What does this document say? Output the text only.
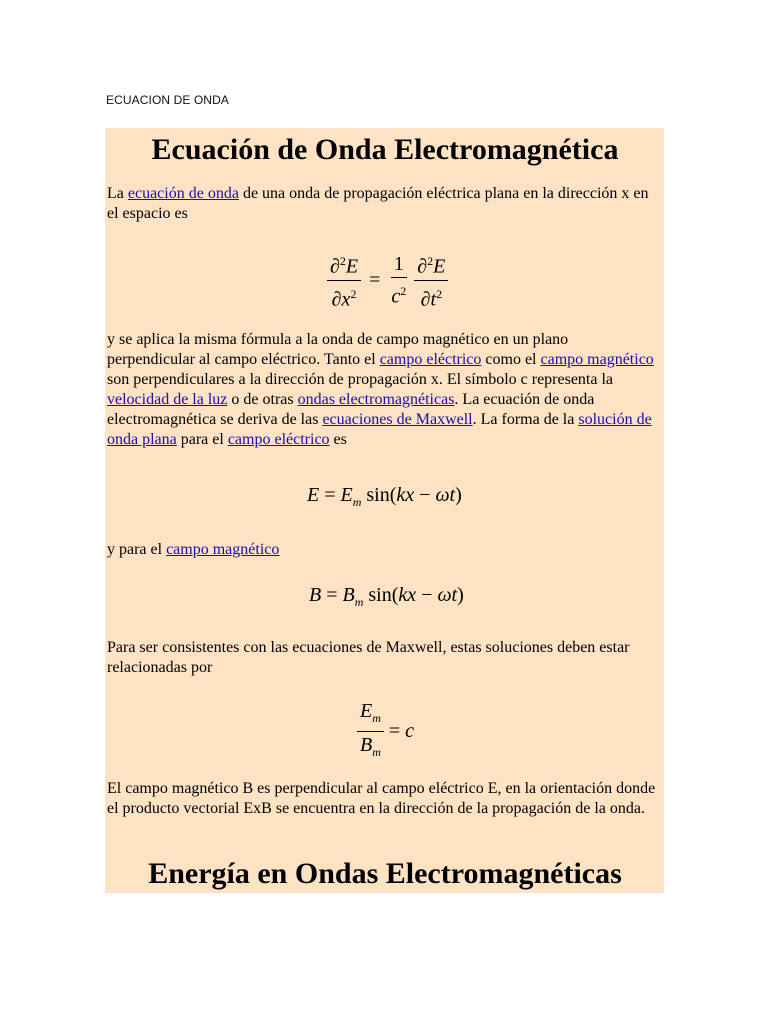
ECUACION DE ONDA
Ecuación de Onda Electromagnética
La ecuación de onda de una onda de propagación eléctrica plana en la dirección x en el espacio es
$\frac{\partial^2E}{\partial x^2} = \frac{1}{c^2}$
$\frac{\partial^2E}{\partial t^2}$
y se aplica la misma fórmula a la onda de campo magnético en un plano perpendicular al campo eléctrico. Tanto el campo eléctrico como el campo magnético son perpendiculares a la dirección de propagación x. El símbolo c representa la velocidad de la luz o de otras ondas electromagnéticas. La ecuación de onda electromagnética se deriva de las ecuaciones de Maxwell. La forma de la solución de onda plana para el campo eléctrico es
$E = E_m$ sin(kx − ωt)
y para el campo magnético
$B = B_m$ sin(kx − ωt)
Para ser consistentes con las ecuaciones de Maxwell, estas soluciones deben estar relacionadas por
$\frac{E_m}{B_m} = c$
El campo magnético B es perpendicular al campo eléctrico E, en la orientación donde el producto vectorial ExB se encuentra en la dirección de la propagación de la onda.
Energía en Ondas Electromagnéticas
